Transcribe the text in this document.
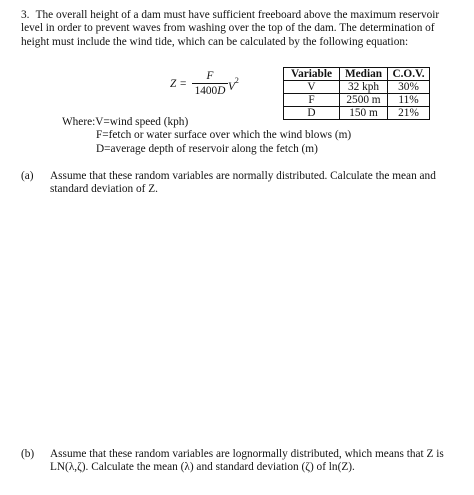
3. The overall height of a dam must have sufficient freeboard above the maximum reservoir level in order to prevent waves from washing over the top of the dam. The determination of height must include the wind tide, which can be calculated by the following equation:

Z =
F
1400D $V^2$
Variable	Median	C.O.V.
V	32 kph	30%
F	2500 m	11%
D	150 m	21%
Where:V=wind speed (kph)
F=fetch or water surface over which the wind blows (m)
D=average depth of reservoir along the fetch (m)
(a) Assume that these random variables are normally distributed. Calculate the mean and standard deviation of Z.
(b) Assume that these random variables are lognormally distributed, which means that Z is LN(λ,ζ). Calculate the mean (λ) and standard deviation (ζ) of ln(Z).
